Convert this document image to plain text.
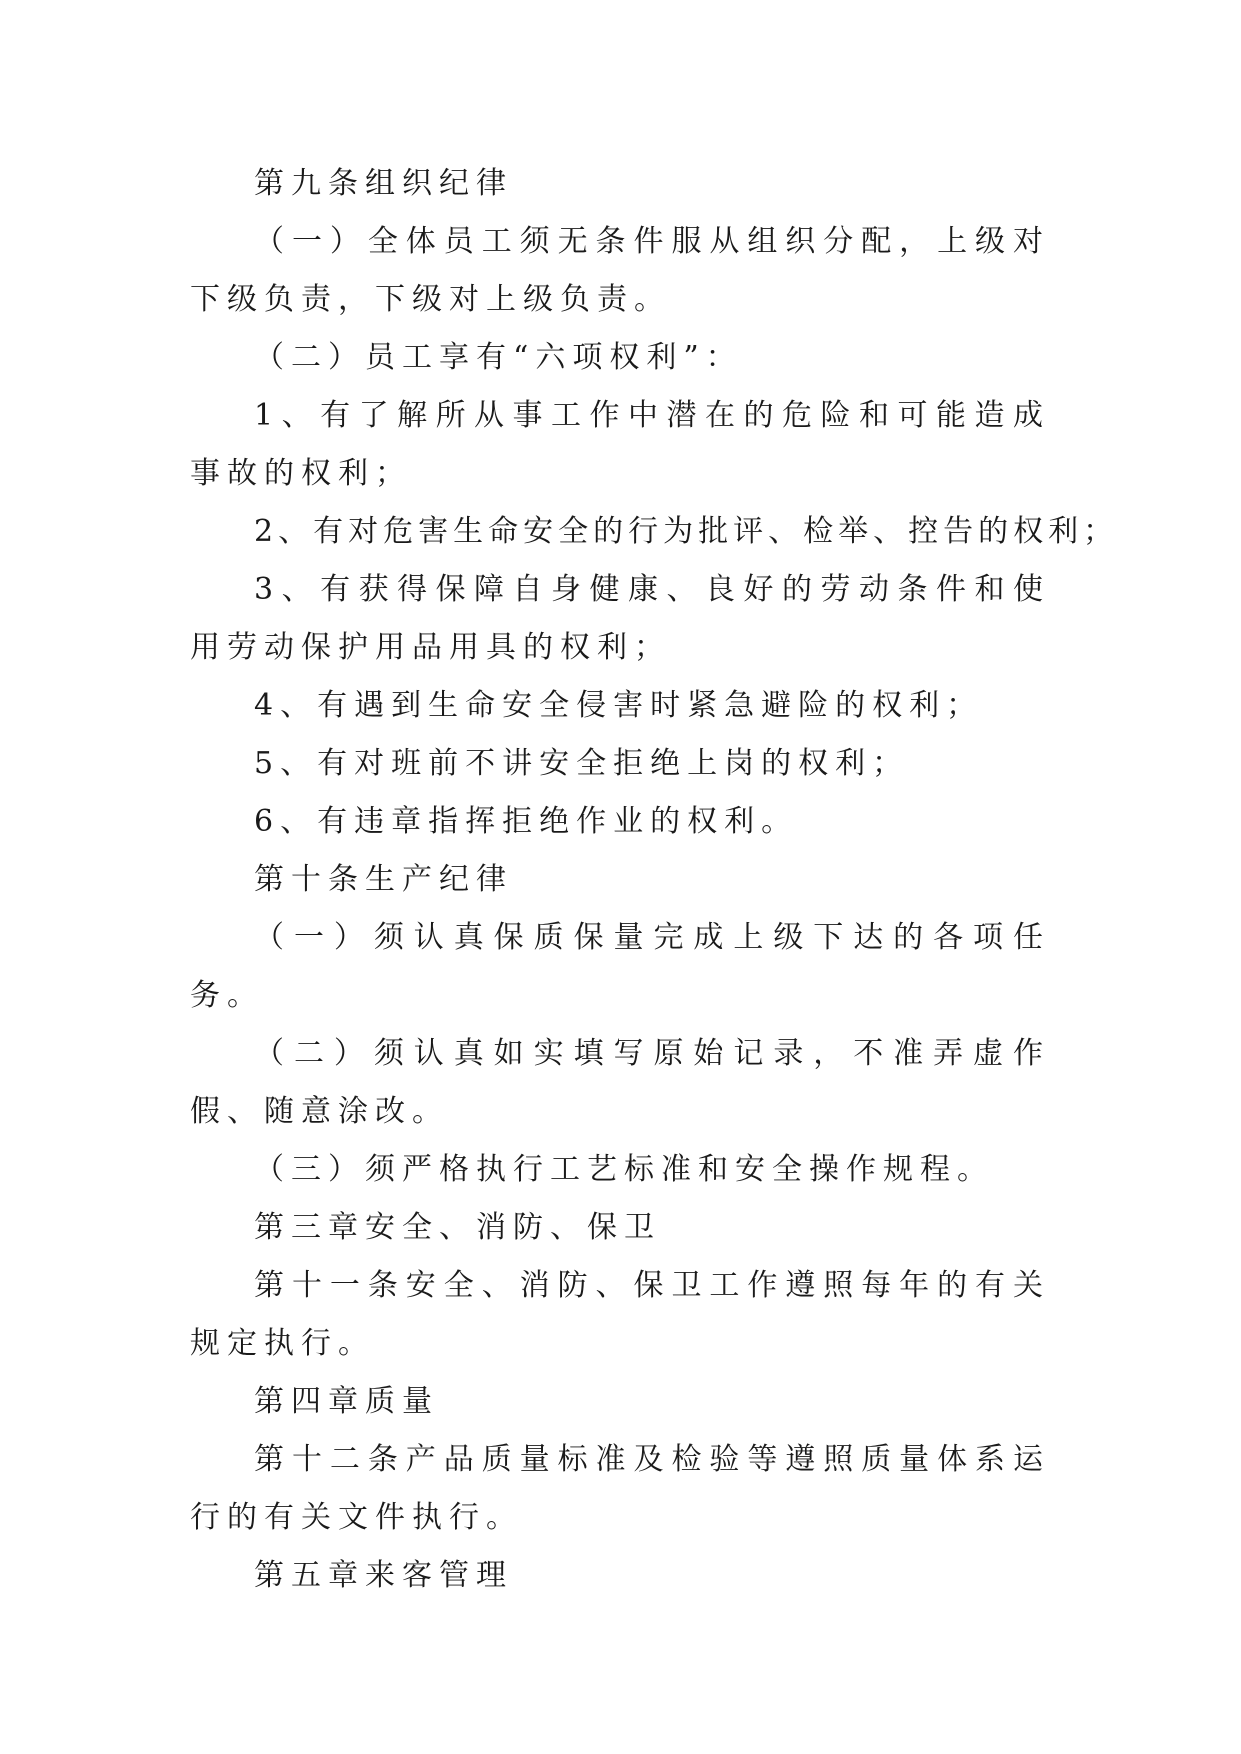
第九条组织纪律

（一）全体员工须无条件服从组织分配，上级对下级负责，下级对上级负责。

（二）员工享有“六项权利”：

1、有了解所从事工作中潜在的危险和可能造成事故的权利；

2、有对危害生命安全的行为批评、检举、控告的权利；

3、有获得保障自身健康、良好的劳动条件和使用劳动保护用品用具的权利；

4、有遇到生命安全侵害时紧急避险的权利；

5、有对班前不讲安全拒绝上岗的权利；

6、有违章指挥拒绝作业的权利。

第十条生产纪律

（一）须认真保质保量完成上级下达的各项任务。

（二）须认真如实填写原始记录，不准弄虚作假、随意涂改。

（三）须严格执行工艺标准和安全操作规程。

第三章安全、消防、保卫

第十一条安全、消防、保卫工作遵照每年的有关规定执行。

第四章质量

第十二条产品质量标准及检验等遵照质量体系运行的有关文件执行。

第五章来客管理
